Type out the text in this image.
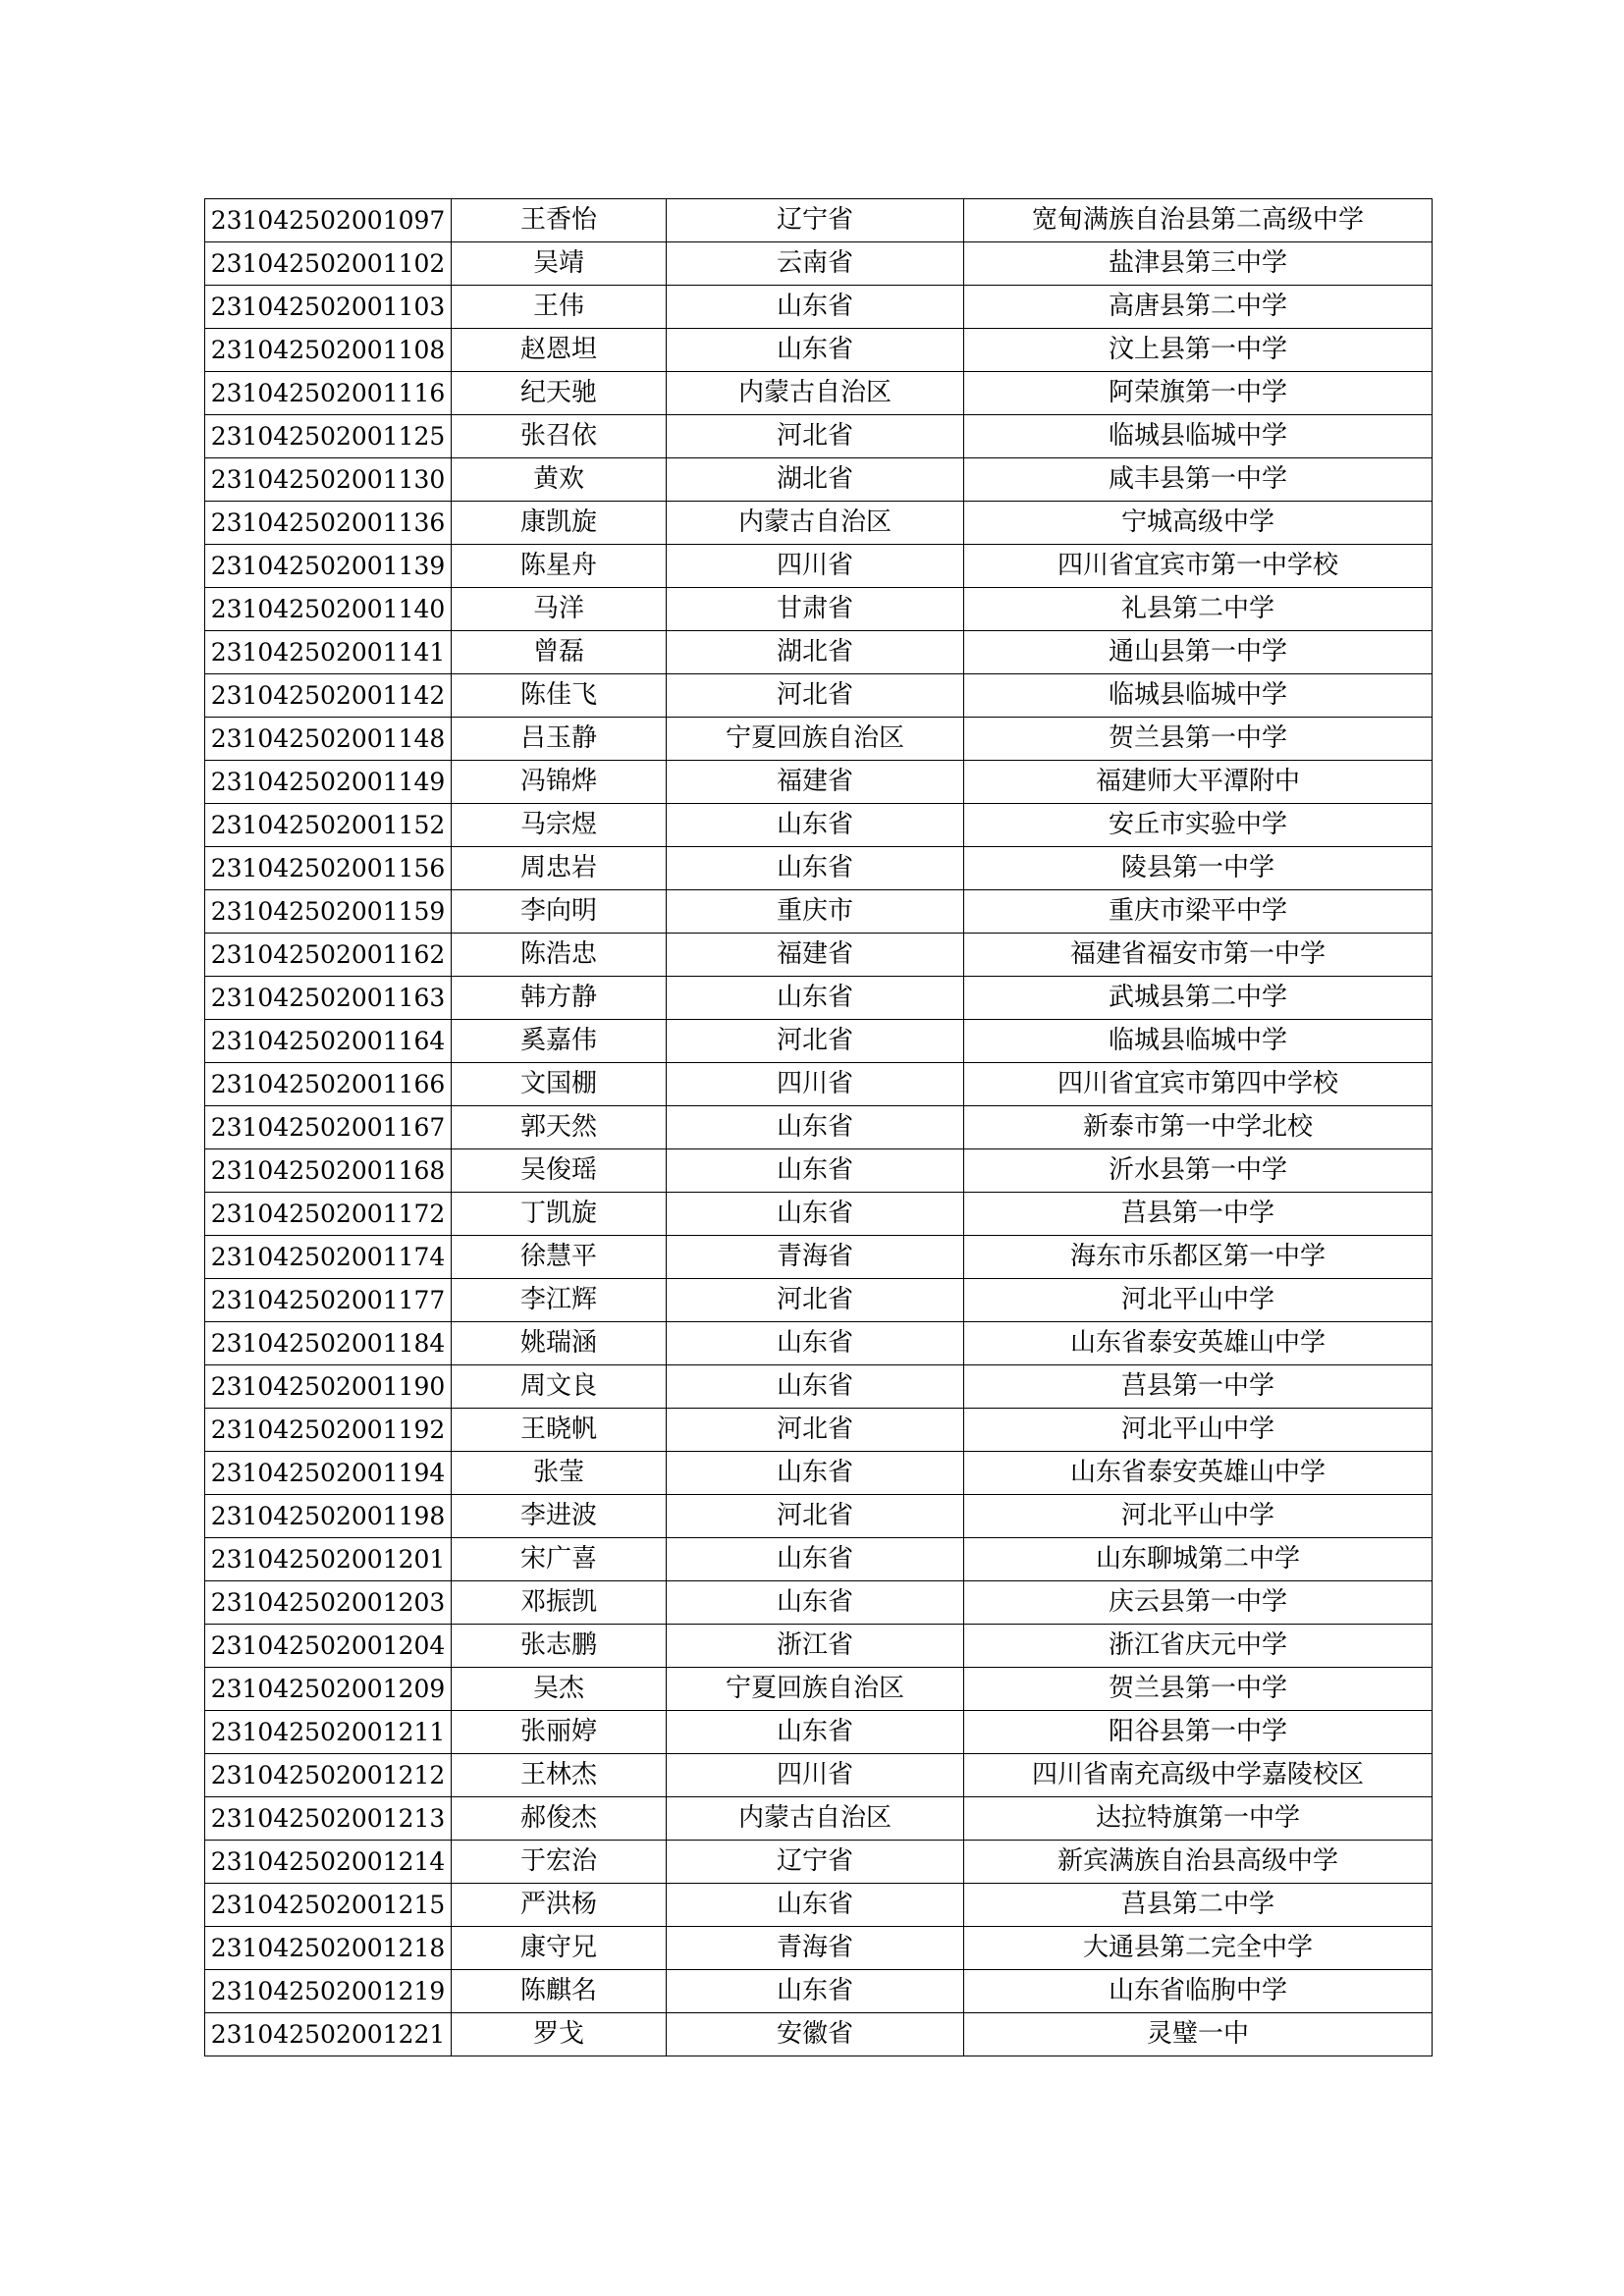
231042502001097	王香怡	辽宁省	宽甸满族自治县第二高级中学
231042502001102	吴靖	云南省	盐津县第三中学
231042502001103	王伟	山东省	高唐县第二中学
231042502001108	赵恩坦	山东省	汶上县第一中学
231042502001116	纪天驰	内蒙古自治区	阿荣旗第一中学
231042502001125	张召依	河北省	临城县临城中学
231042502001130	黄欢	湖北省	咸丰县第一中学
231042502001136	康凯旋	内蒙古自治区	宁城高级中学
231042502001139	陈星舟	四川省	四川省宜宾市第一中学校
231042502001140	马洋	甘肃省	礼县第二中学
231042502001141	曾磊	湖北省	通山县第一中学
231042502001142	陈佳飞	河北省	临城县临城中学
231042502001148	吕玉静	宁夏回族自治区	贺兰县第一中学
231042502001149	冯锦烨	福建省	福建师大平潭附中
231042502001152	马宗煜	山东省	安丘市实验中学
231042502001156	周忠岩	山东省	陵县第一中学
231042502001159	李向明	重庆市	重庆市梁平中学
231042502001162	陈浩忠	福建省	福建省福安市第一中学
231042502001163	韩方静	山东省	武城县第二中学
231042502001164	奚嘉伟	河北省	临城县临城中学
231042502001166	文国棚	四川省	四川省宜宾市第四中学校
231042502001167	郭天然	山东省	新泰市第一中学北校
231042502001168	吴俊瑶	山东省	沂水县第一中学
231042502001172	丁凯旋	山东省	莒县第一中学
231042502001174	徐慧平	青海省	海东市乐都区第一中学
231042502001177	李江辉	河北省	河北平山中学
231042502001184	姚瑞涵	山东省	山东省泰安英雄山中学
231042502001190	周文良	山东省	莒县第一中学
231042502001192	王晓帆	河北省	河北平山中学
231042502001194	张莹	山东省	山东省泰安英雄山中学
231042502001198	李进波	河北省	河北平山中学
231042502001201	宋广喜	山东省	山东聊城第二中学
231042502001203	邓振凯	山东省	庆云县第一中学
231042502001204	张志鹏	浙江省	浙江省庆元中学
231042502001209	吴杰	宁夏回族自治区	贺兰县第一中学
231042502001211	张丽婷	山东省	阳谷县第一中学
231042502001212	王林杰	四川省	四川省南充高级中学嘉陵校区
231042502001213	郝俊杰	内蒙古自治区	达拉特旗第一中学
231042502001214	于宏治	辽宁省	新宾满族自治县高级中学
231042502001215	严洪杨	山东省	莒县第二中学
231042502001218	康守兄	青海省	大通县第二完全中学
231042502001219	陈麒名	山东省	山东省临朐中学
231042502001221	罗戈	安徽省	灵璧一中
